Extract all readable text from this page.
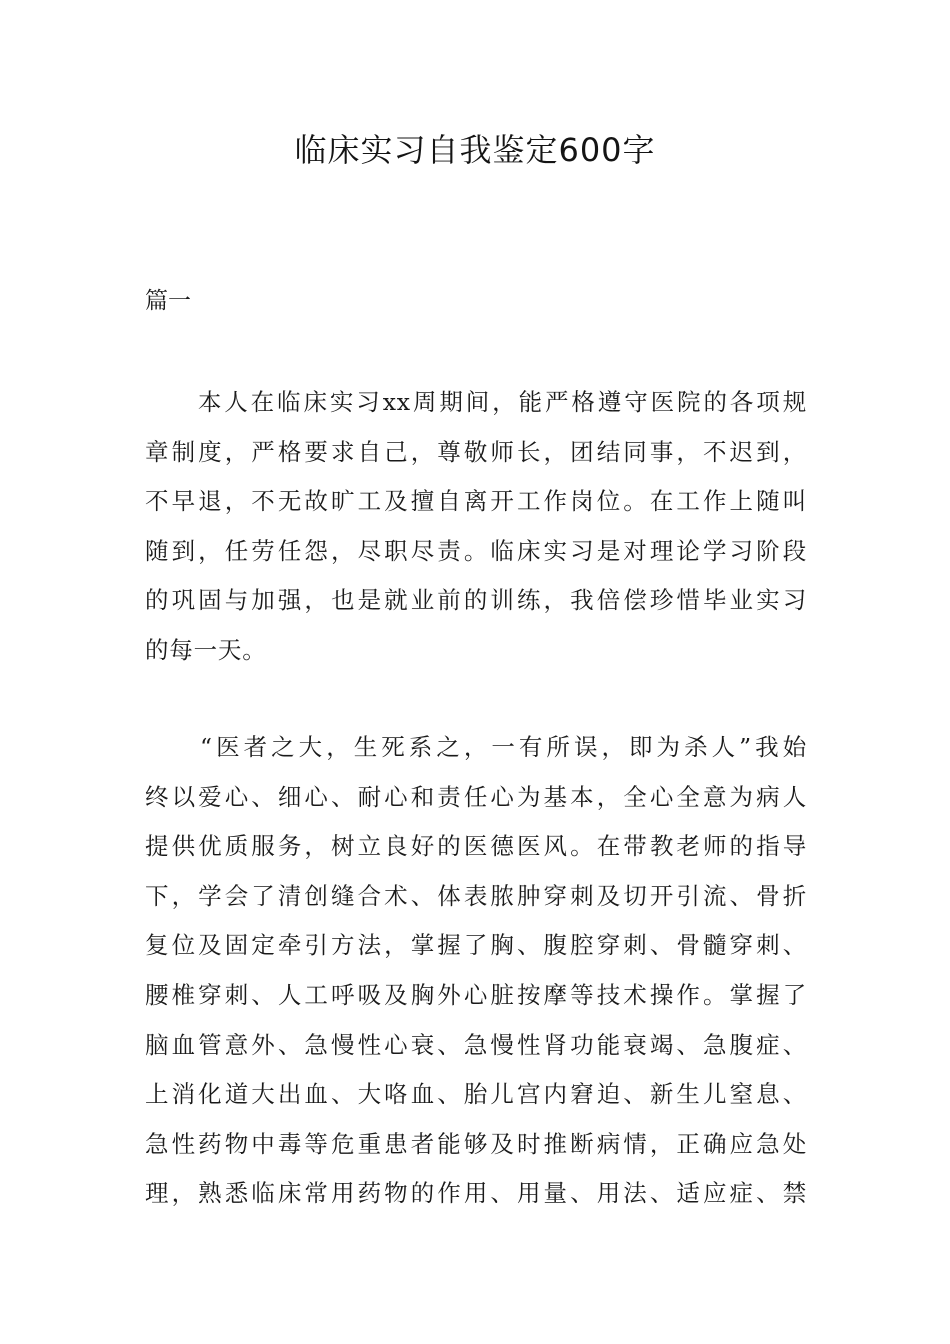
临床实习自我鉴定600字
篇一
　　本人在临床实习xx周期间，能严格遵守医院的各项规
章制度，严格要求自己，尊敬师长，团结同事，不迟到，
不早退，不无故旷工及擅自离开工作岗位。在工作上随叫
随到，任劳任怨，尽职尽责。临床实习是对理论学习阶段
的巩固与加强，也是就业前的训练，我倍偿珍惜毕业实习
的每一天。
　　“医者之大，生死系之，一有所误，即为杀人”我始
终以爱心、细心、耐心和责任心为基本，全心全意为病人
提供优质服务，树立良好的医德医风。在带教老师的指导
下，学会了清创缝合术、体表脓肿穿刺及切开引流、骨折
复位及固定牵引方法，掌握了胸、腹腔穿刺、骨髓穿刺、
腰椎穿刺、人工呼吸及胸外心脏按摩等技术操作。掌握了
脑血管意外、急慢性心衰、急慢性肾功能衰竭、急腹症、
上消化道大出血、大咯血、胎儿宫内窘迫、新生儿窒息、
急性药物中毒等危重患者能够及时推断病情，正确应急处
理，熟悉临床常用药物的作用、用量、用法、适应症、禁
